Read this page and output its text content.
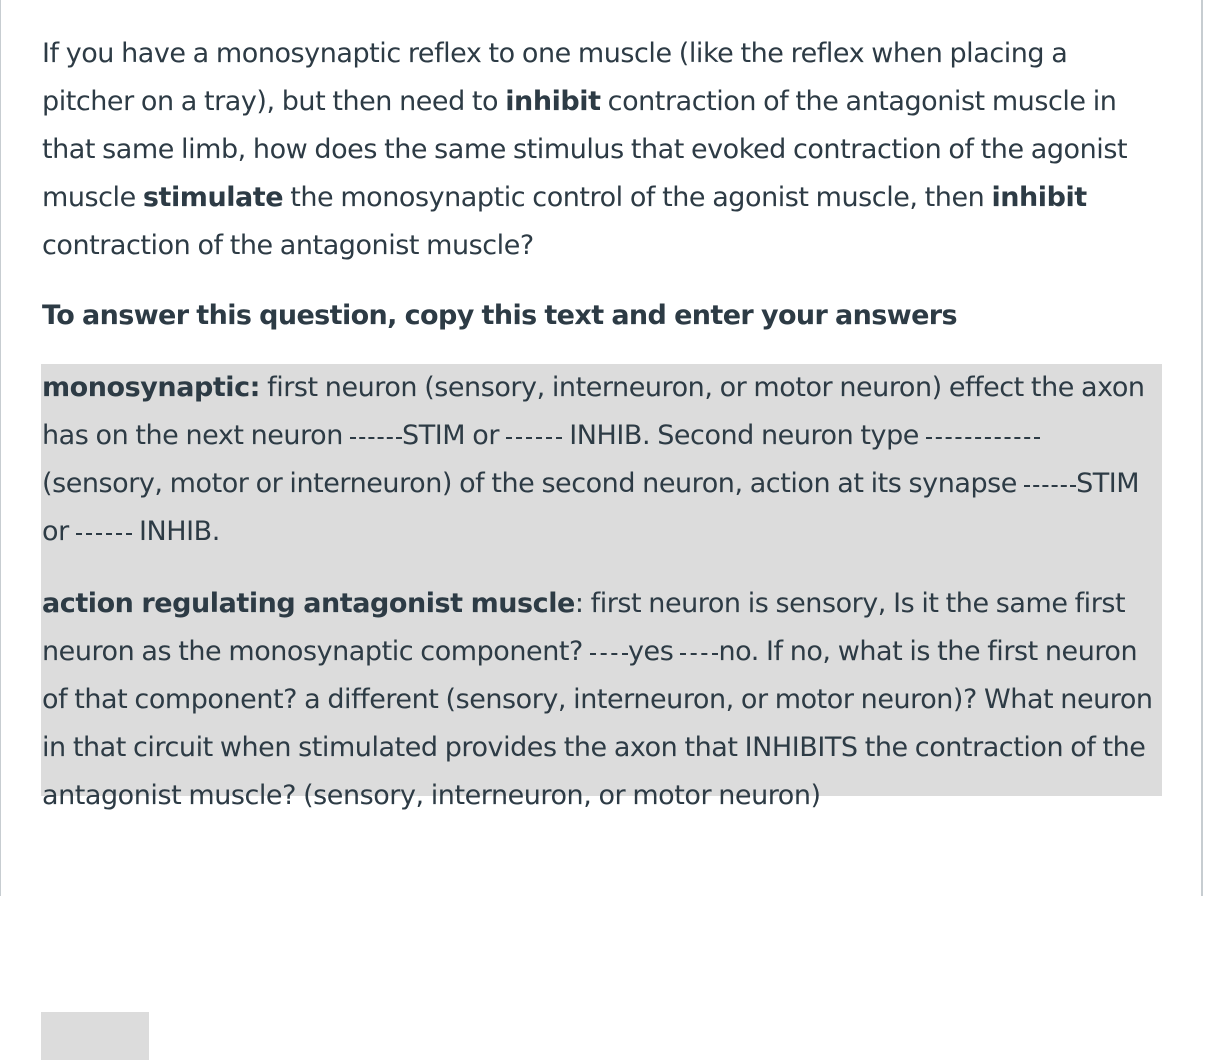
If you have a monosynaptic reflex to one muscle (like the reflex when placing a pitcher on a tray), but then need to inhibit contraction of the antagonist muscle in that same limb, how does the same stimulus that evoked contraction of the agonist muscle stimulate the monosynaptic control of the agonist muscle, then inhibit contraction of the antagonist muscle?

To answer this question, copy this text and enter your answers

monosynaptic: first neuron (sensory, interneuron, or motor neuron) effect the axon has on the next neuron STIM or  INHIB. Second neuron type  (sensory, motor or interneuron) of the second neuron, action at its synapse STIM or  INHIB.

action regulating antagonist muscle: first neuron is sensory, Is it the same first neuron as the monosynaptic component? yes no. If no, what is the first neuron of that component? a different (sensory, interneuron, or motor neuron)? What neuron in that circuit when stimulated provides the axon that INHIBITS the contraction of the antagonist muscle? (sensory, interneuron, or motor neuron)
